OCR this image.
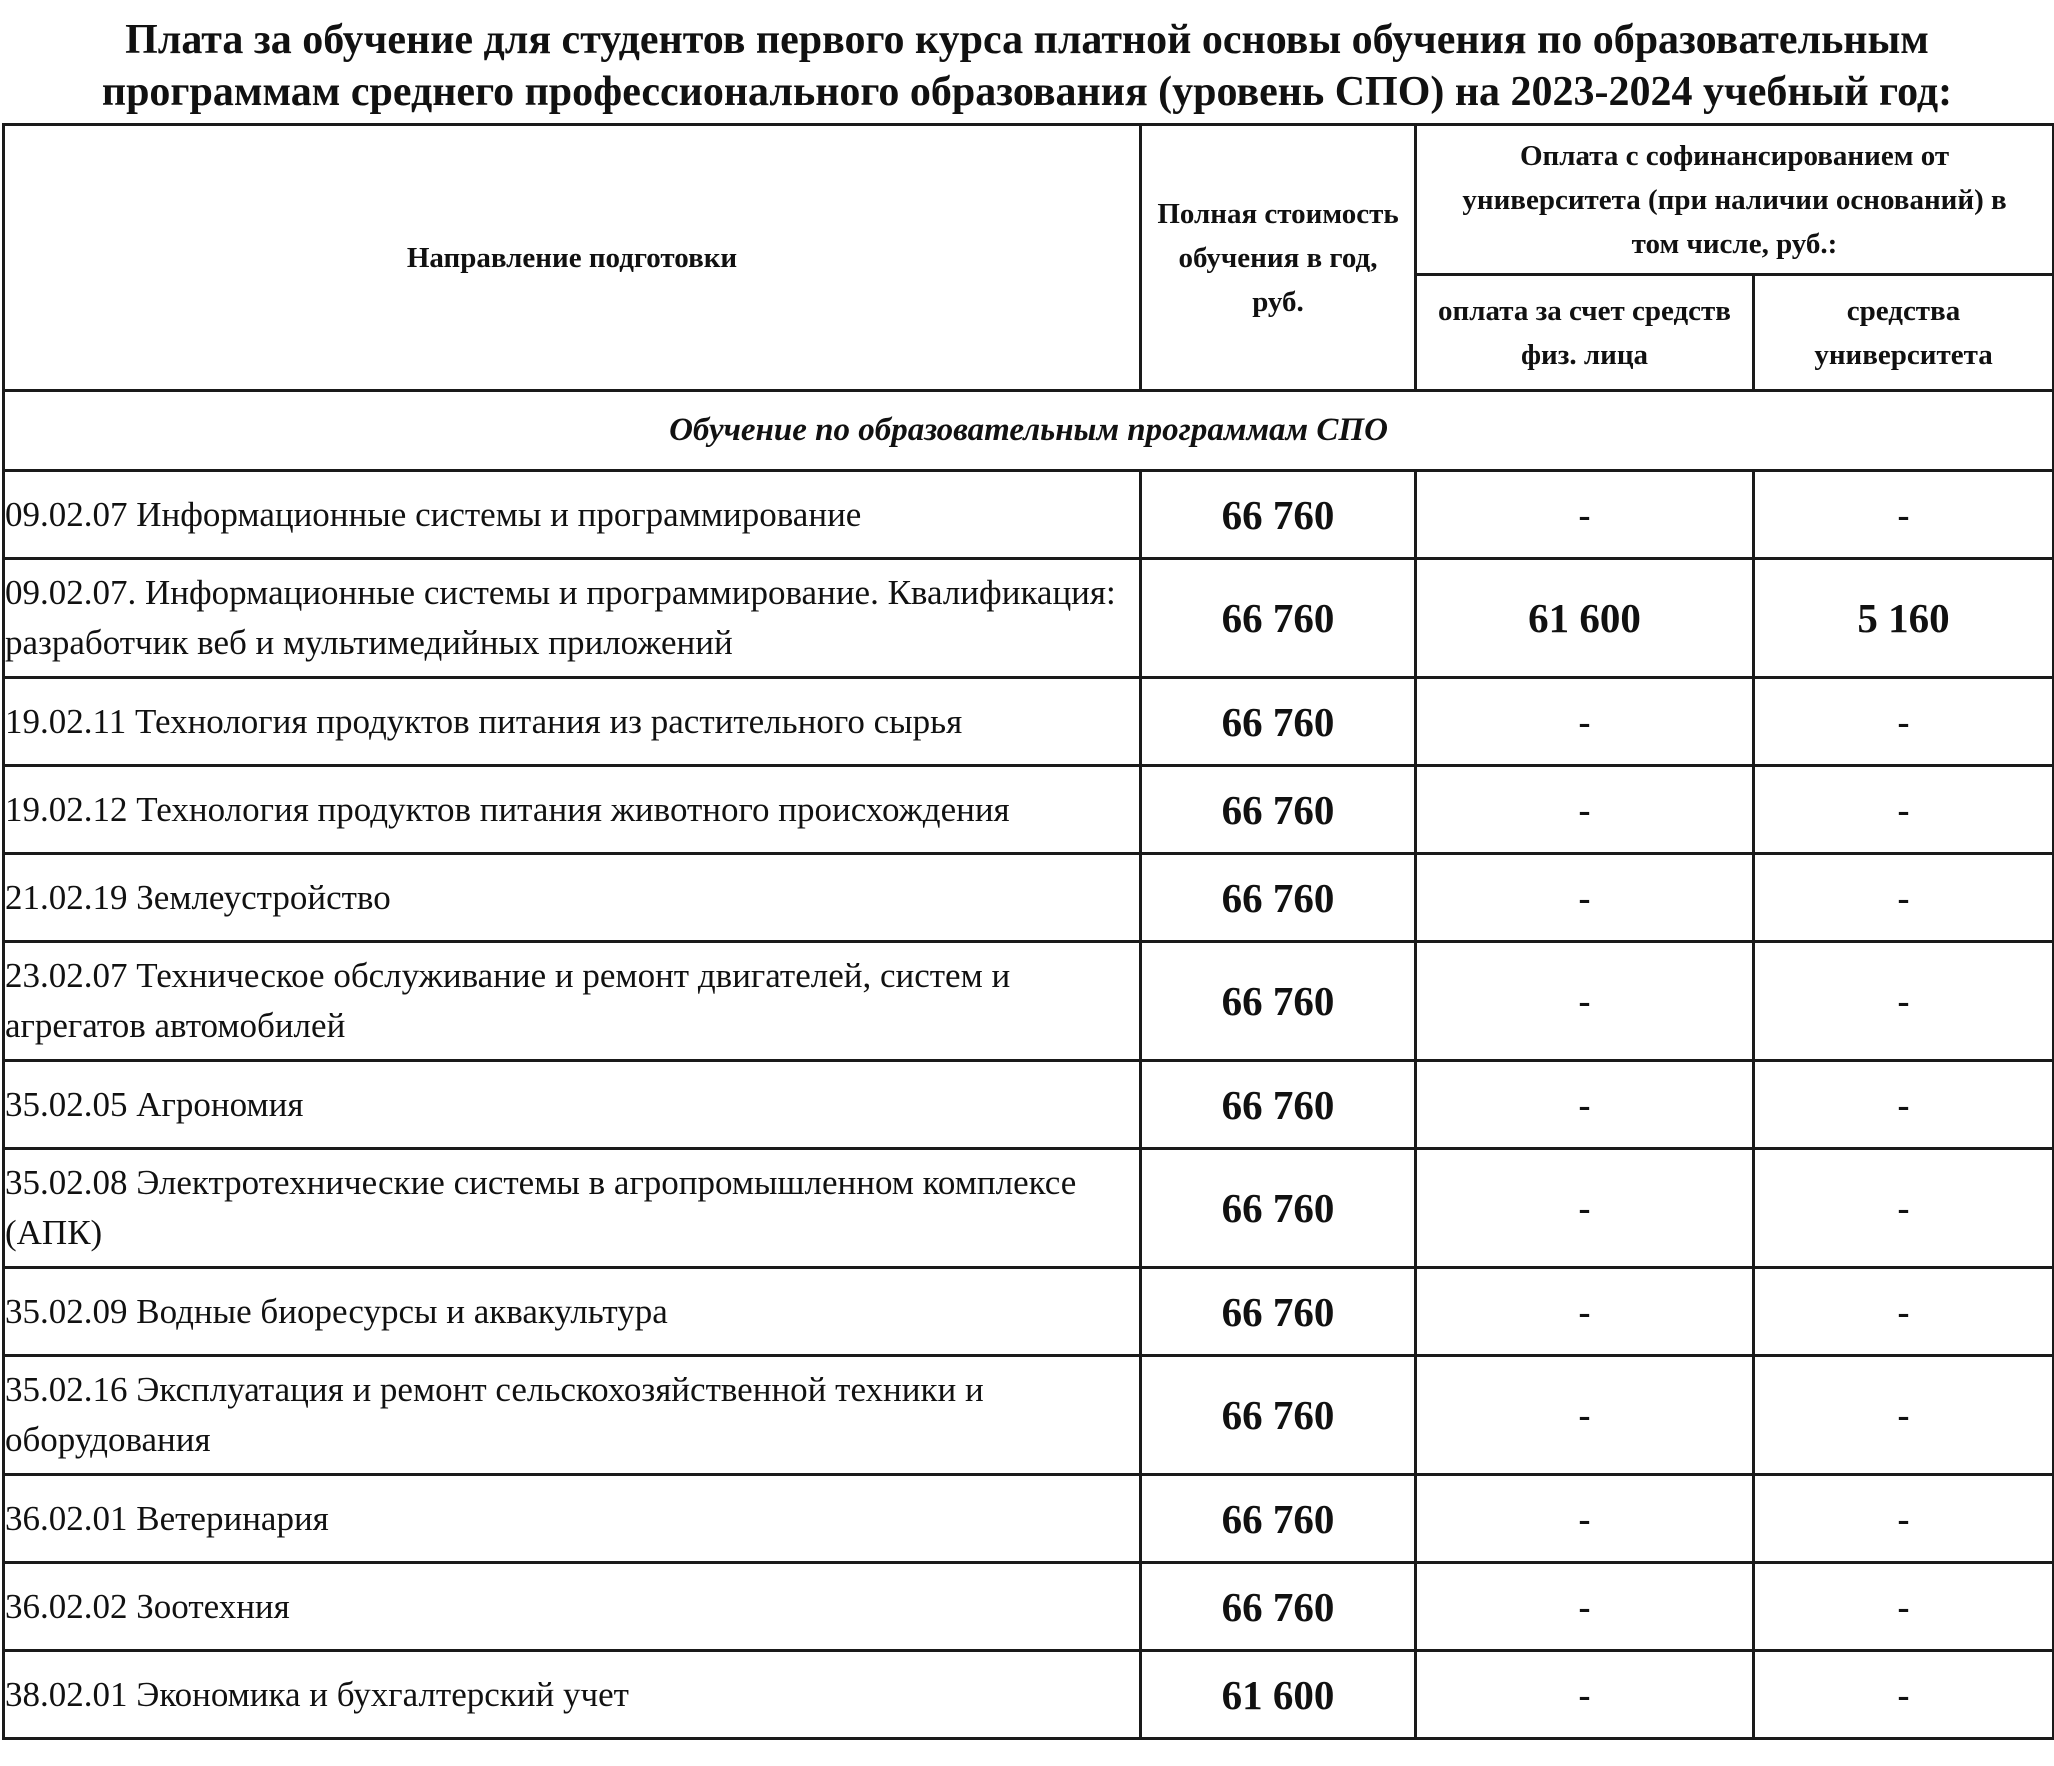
Плата за обучение для студентов первого курса платной основы обучения по образовательным
программам среднего профессионального образования (уровень СПО) на 2023-2024 учебный год:
Направление подготовки	Полная стоимость обучения в год, руб.	Оплата с софинансированием от университета (при наличии оснований) в том числе, руб.:	
		оплата за счет средств физ. лица	средства университета
Обучение по образовательным программам СПО			
09.02.07 Информационные системы и программирование	66 760	-	-
09.02.07. Информационные системы и программирование. Квалификация: разработчик веб и мультимедийных приложений	66 760	61 600	5 160
19.02.11 Технология продуктов питания из растительного сырья	66 760	-	-
19.02.12 Технология продуктов питания животного происхождения	66 760	-	-
21.02.19 Землеустройство	66 760	-	-
23.02.07 Техническое обслуживание и ремонт двигателей, систем и агрегатов автомобилей	66 760	-	-
35.02.05 Агрономия	66 760	-	-
35.02.08 Электротехнические системы в агропромышленном комплексе (АПК)	66 760	-	-
35.02.09 Водные биоресурсы и аквакультура	66 760	-	-
35.02.16 Эксплуатация и ремонт сельскохозяйственной техники и оборудования	66 760	-	-
36.02.01 Ветеринария	66 760	-	-
36.02.02 Зоотехния	66 760	-	-
38.02.01 Экономика и бухгалтерский учет	61 600	-	-
